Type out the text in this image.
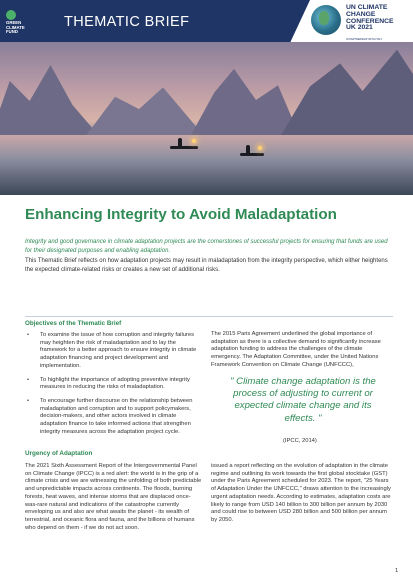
GREEN
CLIMATE
FUND
THEMATIC BRIEF
UN CLIMATE
CHANGE
CONFERENCE
UK 2021
IN PARTNERSHIP WITH ITALY
Enhancing Integrity to Avoid Maladaptation

Integrity and good governance in climate adaptation projects are the cornerstones of successful projects for ensuring that funds are used for their designated purposes and enabling adaptation.

This Thematic Brief reflects on how adaptation projects may result in maladaptation from the integrity perspective, which either heightens the expected climate-related risks or creates a new set of additional risks.

Objectives of the Thematic Brief
• To examine the issue of how corruption and integrity failures may heighten the risk of maladaptation and to lay the framework for a better approach to ensure integrity in climate adaptation financing and project development and implementation.
• To highlight the importance of adopting preventive integrity measures in reducing the risks of maladaptation.
• To encourage further discourse on the relationship between maladaptation and corruption and to support policymakers, decision-makers, and other actors involved in climate adaptation finance to take informed actions that strengthen integrity measures across the adaptation project cycle.
Urgency of Adaptation

The 2021 Sixth Assessment Report of the Intergovernmental Panel on Climate Change (IPCC) is a red alert: the world is in the grip of a climate crisis and we are witnessing the unfolding of both predictable and unpredictable impacts across continents. The floods, burning forests, heat waves, and intense storms that are displaced once-was-rare natural and indications of the catastrophe currently enveloping us and also are what awaits the planet - its wealth of terrestrial, and oceanic flora and fauna, and the billions of humans who depend on them - if we do not act soon.

The 2015 Paris Agreement underlined the global importance of adaptation as there is a collective demand to significantly increase adaptation funding to address the challenges of the climate emergency. The Adaptation Committee, under the United Nations Framework Convention on Climate Change (UNFCCC),

" Climate change adaptation is the process of adjusting to current or expected climate change and its effects. "

(IPCC, 2014)

issued a report reflecting on the evolution of adaptation in the climate regime and outlining its work towards the first global stocktake (GST) under the Paris Agreement scheduled for 2023. The report, "25 Years of Adaptation Under the UNFCCC," draws attention to the increasingly urgent adaptation needs. According to estimates, adaptation costs are likely to range from USD 140 billion to 300 billion per annum by 2030 and could rise to between USD 280 billion and 500 billion per annum by 2050.

1
